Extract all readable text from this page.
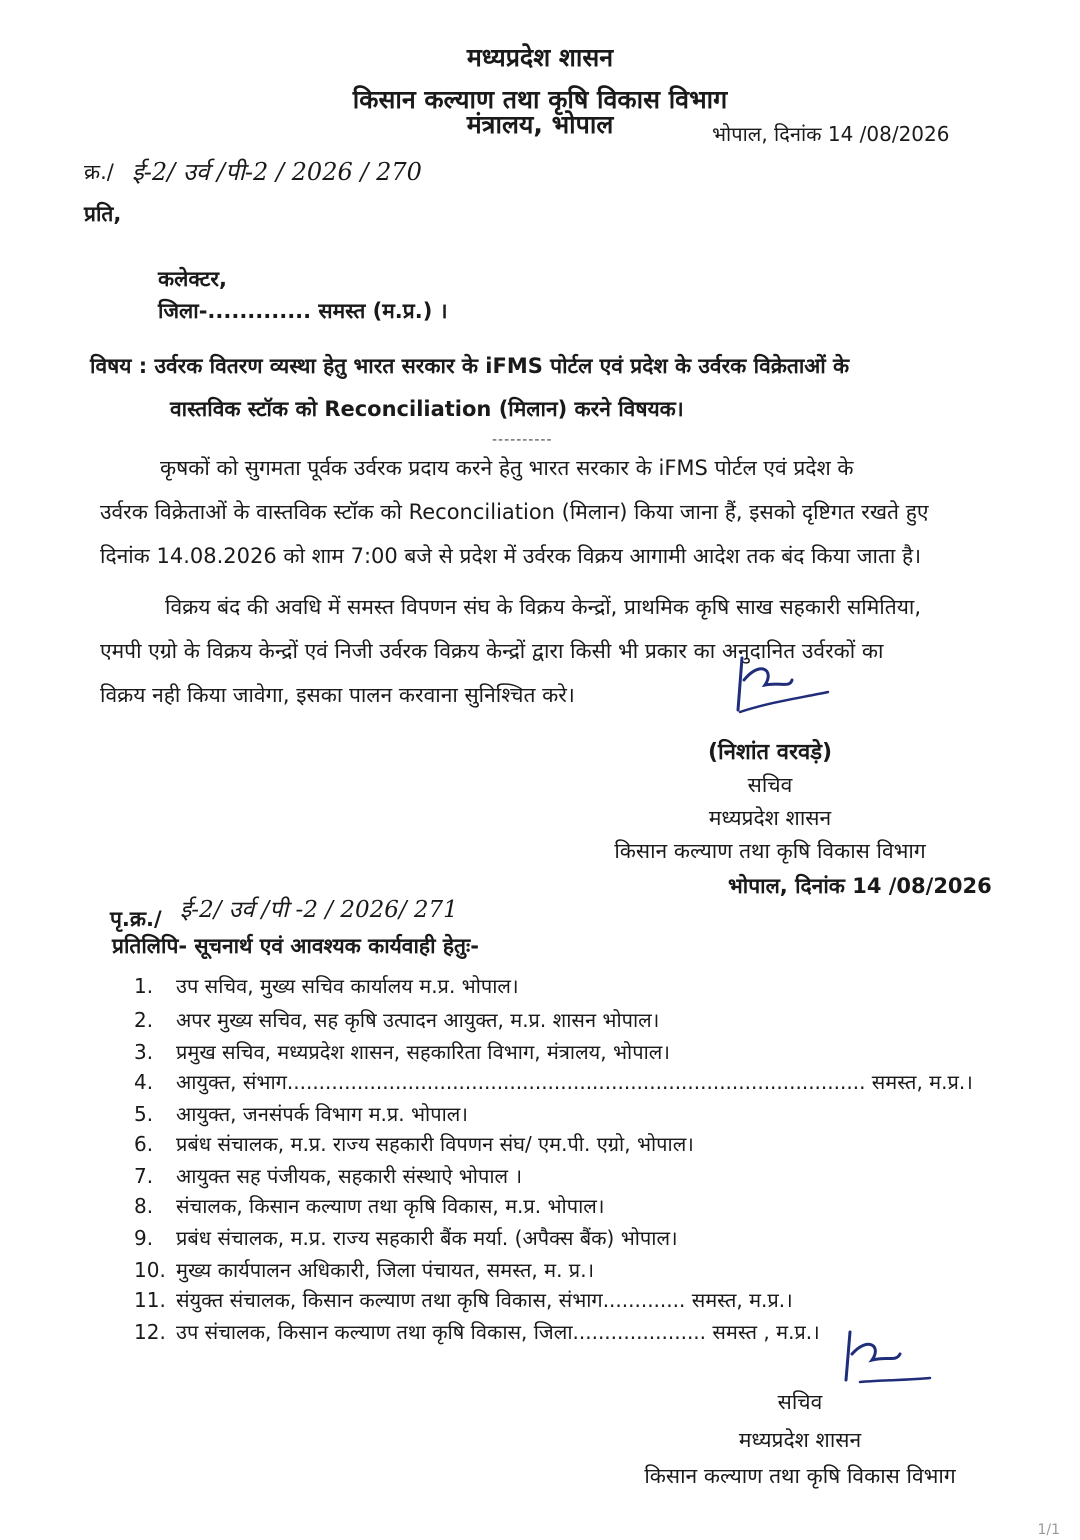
मध्यप्रदेश शासन
किसान कल्याण तथा कृषि विकास विभाग
मंत्रालय, भोपाल	भोपाल, दिनांक 14 /08/2026
क्र./ ई-2/ उर्व /पी-2 / 2026 / 270
प्रति,
कलेक्टर,
जिला-............. समस्त (म.प्र.) ।
विषय : उर्वरक वितरण व्यस्था हेतु भारत सरकार के iFMS पोर्टल एवं प्रदेश के उर्वरक विक्रेताओं के
वास्तविक स्टॉक को Reconciliation (मिलान) करने विषयक।
----------
कृषकों को सुगमता पूर्वक उर्वरक प्रदाय करने हेतु भारत सरकार के iFMS पोर्टल एवं प्रदेश के
उर्वरक विक्रेताओं के वास्तविक स्टॉक को Reconciliation (मिलान) किया जाना हैं, इसको दृष्टिगत रखते हुए
दिनांक 14.08.2026 को शाम 7:00 बजे से प्रदेश में उर्वरक विक्रय आगामी आदेश तक बंद किया जाता है।
विक्रय बंद की अवधि में समस्त विपणन संघ के विक्रय केन्द्रों, प्राथमिक कृषि साख सहकारी समितिया,
एमपी एग्रो के विक्रय केन्द्रों एवं निजी उर्वरक विक्रय केन्द्रों द्वारा किसी भी प्रकार का अनुदानित उर्वरकों का
विक्रय नही किया जावेगा, इसका पालन करवाना सुनिश्चित करे।
(निशांत वरवड़े)
सचिव
मध्यप्रदेश शासन
किसान कल्याण तथा कृषि विकास विभाग
भोपाल, दिनांक 14 /08/2026
पृ.क्र./ ई-2/ उर्व /पी -2 / 2026/ 271
प्रतिलिपि- सूचनार्थ एवं आवश्यक कार्यवाही हेतुः-
1. उप सचिव, मुख्य सचिव कार्यालय म.प्र. भोपाल।
2. अपर मुख्य सचिव, सह कृषि उत्पादन आयुक्त, म.प्र. शासन भोपाल।
3. प्रमुख सचिव, मध्यप्रदेश शासन, सहकारिता विभाग, मंत्रालय, भोपाल।
4. आयुक्त, संभाग........................................................................................... समस्त, म.प्र.।
5. आयुक्त, जनसंपर्क विभाग म.प्र. भोपाल।
6. प्रबंध संचालक, म.प्र. राज्य सहकारी विपणन संघ/ एम.पी. एग्रो, भोपाल।
7. आयुक्त सह पंजीयक, सहकारी संस्थाऐ भोपाल ।
8. संचालक, किसान कल्याण तथा कृषि विकास, म.प्र. भोपाल।
9. प्रबंध संचालक, म.प्र. राज्य सहकारी बैंक मर्या. (अपैक्स बैंक) भोपाल।
10. मुख्य कार्यपालन अधिकारी, जिला पंचायत, समस्त, म. प्र.।
11. संयुक्त संचालक, किसान कल्याण तथा कृषि विकास, संभाग............. समस्त, म.प्र.।
12. उप संचालक, किसान कल्याण तथा कृषि विकास, जिला..................... समस्त , म.प्र.।
सचिव
मध्यप्रदेश शासन
किसान कल्याण तथा कृषि विकास विभाग
1/1
